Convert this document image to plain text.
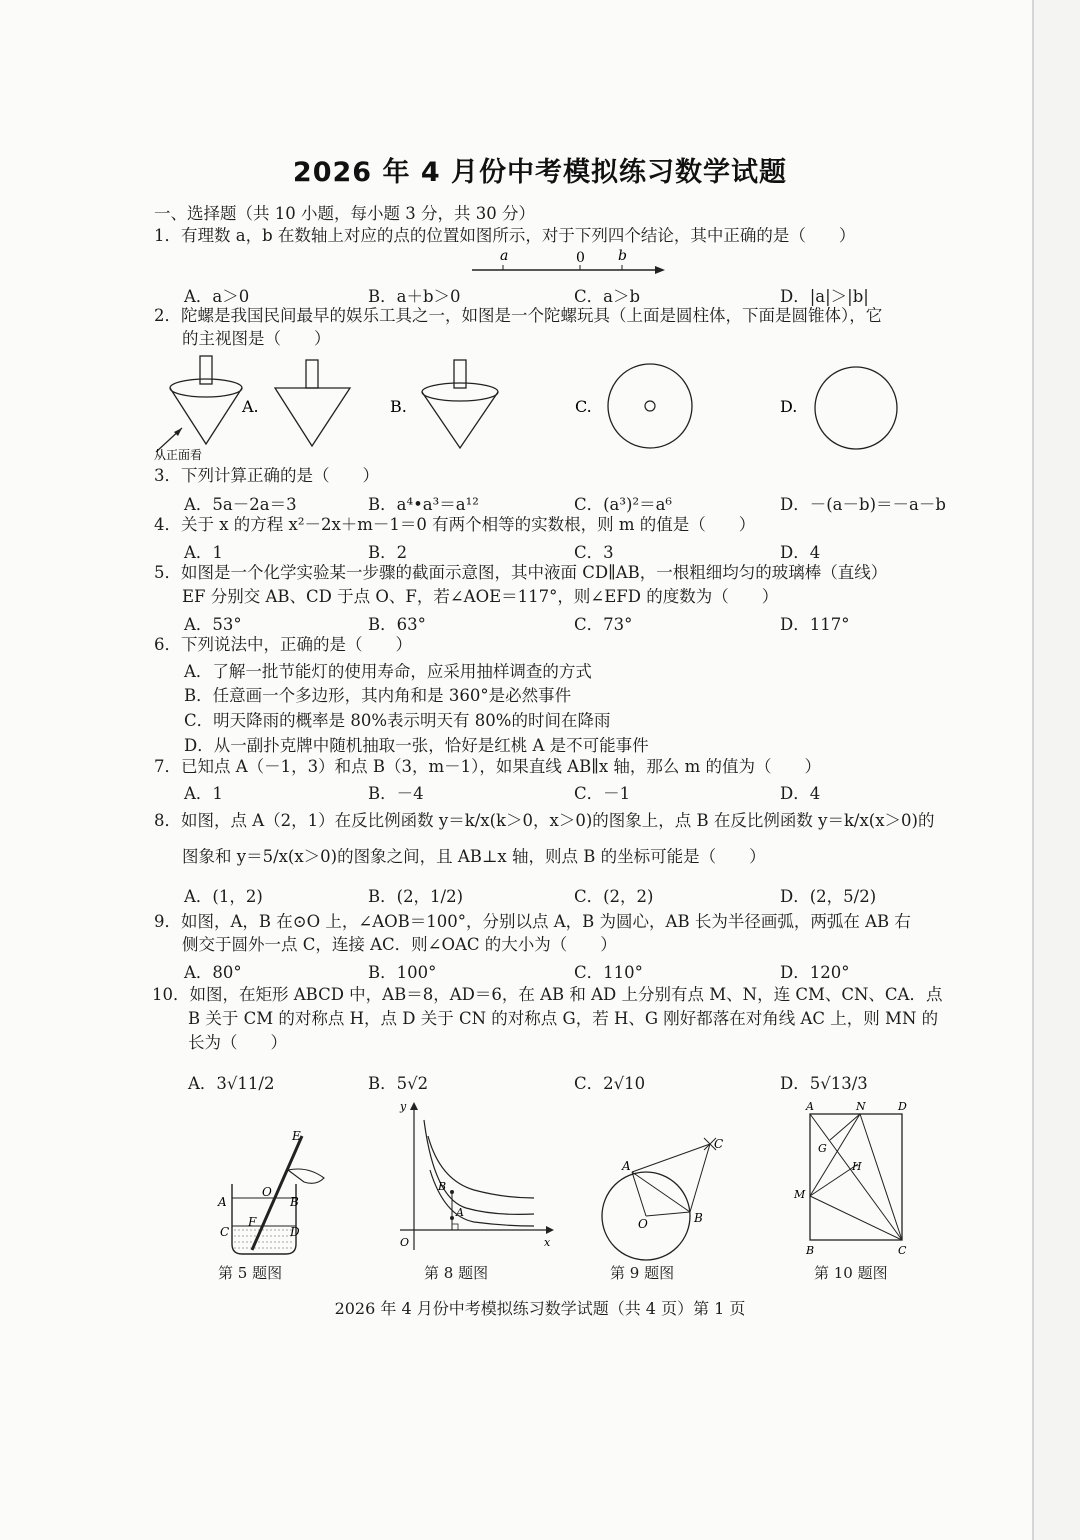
2026 年 4 月份中考模拟练习数学试题
一、选择题（共 10 小题，每小题 3 分，共 30 分）
1．有理数 a，b 在数轴上对应的点的位置如图所示，对于下列四个结论，其中正确的是（　　）
a	0 b
A．a＞0	B．a＋b＞0	C．a＞b	D．|a|＞|b|
2．陀螺是我国民间最早的娱乐工具之一，如图是一个陀螺玩具（上面是圆柱体，下面是圆锥体），它
的主视图是（　　）
从正面看
A.	B.	C.	D.
3．下列计算正确的是（　　）
A．5a－2a＝3	B．a⁴•a³＝a¹²	C．(a³)²＝a⁶	D．－(a－b)＝－a－b
4．关于 x 的方程 x²－2x＋m－1＝0 有两个相等的实数根，则 m 的值是（　　）
A．1	B．2	C．3	D．4
5．如图是一个化学实验某一步骤的截面示意图，其中液面 CD∥AB，一根粗细均匀的玻璃棒（直线）
EF 分别交 AB、CD 于点 O、F，若∠AOE＝117°，则∠EFD 的度数为（　　）
A．53°	B．63°	C．73°	D．117°
6．下列说法中，正确的是（　　）
A．了解一批节能灯的使用寿命，应采用抽样调查的方式
B．任意画一个多边形，其内角和是 360°是必然事件
C．明天降雨的概率是 80%表示明天有 80%的时间在降雨
D．从一副扑克牌中随机抽取一张，恰好是红桃 A 是不可能事件
7．已知点 A（－1，3）和点 B（3，m－1），如果直线 AB∥x 轴，那么 m 的值为（　　）
A．1	B．－4	C．－1	D．4
8．如图，点 A（2，1）在反比例函数 y＝k/x(k＞0，x＞0)的图象上，点 B 在反比例函数 y＝k/x(x＞0)的
图象和 y＝5/x(x＞0)的图象之间，且 AB⊥x 轴，则点 B 的坐标可能是（　　）
A．(1，2)	B．(2，1/2)	C．(2，2)	D．(2，5/2)
9．如图，A，B 在⊙O 上，∠AOB＝100°，分别以点 A，B 为圆心，AB 长为半径画弧，两弧在 AB 右
侧交于圆外一点 C，连接 AC．则∠OAC 的大小为（　　）
A．80°	B．100°	C．110°	D．120°
10．如图，在矩形 ABCD 中，AB＝8，AD＝6，在 AB 和 AD 上分别有点 M、N，连 CM、CN、CA．点
B 关于 CM 的对称点 H，点 D 关于 CN 的对称点 G，若 H、G 刚好都落在对角线 AC 上，则 MN 的
长为（　　）
A．3√11/2	B．5√2	C．2√10	D．5√13/3
E
A
O
B
C
F
D
y
x
O
B
A
A
C
O	B
A	N	D
G
H
M
B	C
第 5 题图	第 8 题图	第 9 题图	第 10 题图
2026 年 4 月份中考模拟练习数学试题（共 4 页）第 1 页
